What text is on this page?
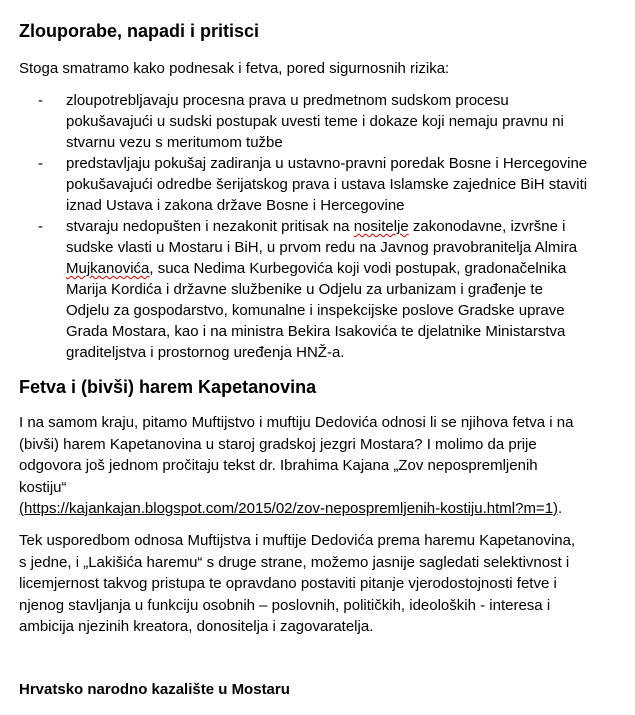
Zlouporabe, napadi i pritisci

Stoga smatramo kako podnesak i fetva, pored sigurnosnih rizika:

- zloupotrebljavaju procesna prava u predmetnom sudskom procesu
pokušavajući u sudski postupak uvesti teme i dokaze koji nemaju pravnu ni
stvarnu vezu s meritumom tužbe
- predstavljaju pokušaj zadiranja u ustavno-pravni poredak Bosne i Hercegovine
pokušavajući odredbe šerijatskog prava i ustava Islamske zajednice BiH staviti
iznad Ustava i zakona države Bosne i Hercegovine
- stvaraju nedopušten i nezakonit pritisak na nositelje zakonodavne, izvršne i
sudske vlasti u Mostaru i BiH, u prvom redu na Javnog pravobranitelja Almira
Mujkanovića, suca Nedima Kurbegovića koji vodi postupak, gradonačelnika
Marija Kordića i državne službenike u Odjelu za urbanizam i građenje te
Odjelu za gospodarstvo, komunalne i inspekcijske poslove Gradske uprave
Grada Mostara, kao i na ministra Bekira Isakovića te djelatnike Ministarstva
graditeljstva i prostornog uređenja HNŽ-a.
Fetva i (bivši) harem Kapetanovina

I na samom kraju, pitamo Muftijstvo i muftiju Dedovića odnosi li se njihova fetva i na
(bivši) harem Kapetanovina u staroj gradskoj jezgri Mostara? I molimo da prije
odgovora još jednom pročitaju tekst dr. Ibrahima Kajana „Zov nepospremljenih
kostiju“
(https://kajankajan.blogspot.com/2015/02/zov-nepospremljenih-kostiju.html?m=1).

Tek usporedbom odnosa Muftijstva i muftije Dedovića prema haremu Kapetanovina,
s jedne, i „Lakišića haremu“ s druge strane, možemo jasnije sagledati selektivnost i
licemjernost takvog pristupa te opravdano postaviti pitanje vjerodostojnosti fetve i
njenog stavljanja u funkciju osobnih – poslovnih, političkih, ideoloških - interesa i
ambicija njezinih kreatora, donositelja i zagovaratelja.

Hrvatsko narodno kazalište u Mostaru
